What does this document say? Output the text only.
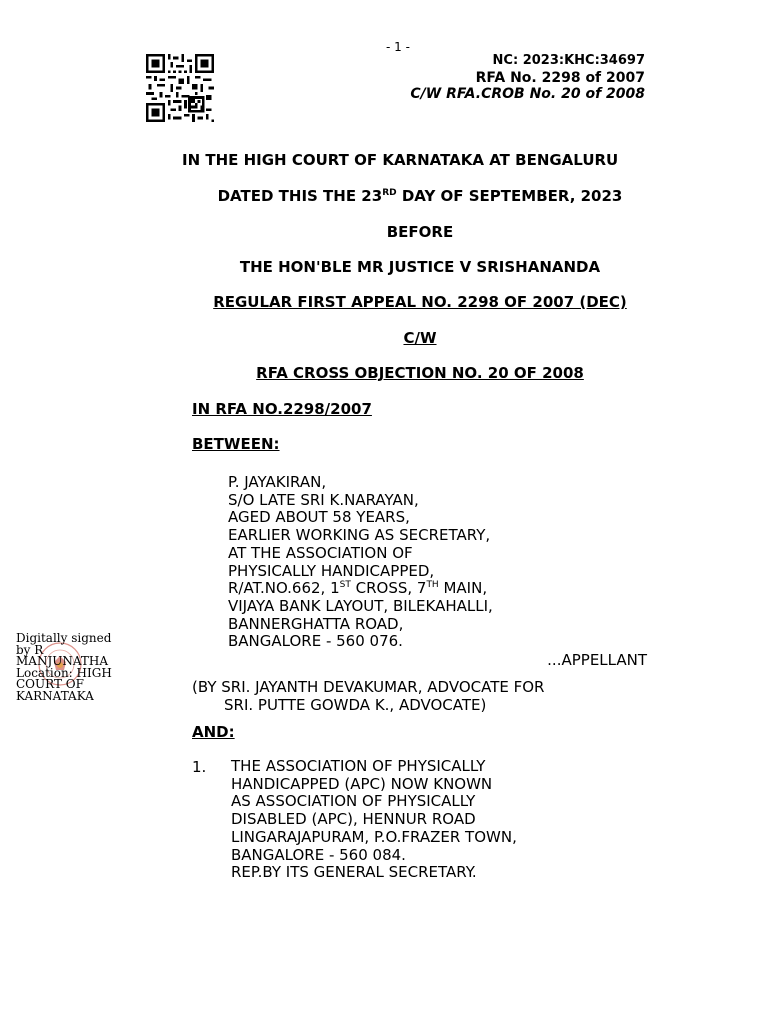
- 1 -
NC: 2023:KHC:34697
RFA No. 2298 of 2007
C/W RFA.CROB No. 20 of 2008
IN THE HIGH COURT OF KARNATAKA AT BENGALURU
DATED THIS THE 23RD DAY OF SEPTEMBER, 2023
BEFORE
THE HON'BLE MR JUSTICE V SRISHANANDA
REGULAR FIRST APPEAL NO. 2298 OF 2007 (DEC)
C/W
RFA CROSS OBJECTION NO. 20 OF 2008
IN RFA NO.2298/2007
BETWEEN:
P. JAYAKIRAN,
S/O LATE SRI K.NARAYAN,
AGED ABOUT 58 YEARS,
EARLIER WORKING AS SECRETARY,
AT THE ASSOCIATION OF
PHYSICALLY HANDICAPPED,
R/AT.NO.662, 1ST CROSS, 7TH MAIN,
VIJAYA BANK LAYOUT, BILEKAHALLI,
BANNERGHATTA ROAD,
BANGALORE - 560 076.
...APPELLANT
(BY SRI. JAYANTH DEVAKUMAR, ADVOCATE FOR
SRI. PUTTE GOWDA K., ADVOCATE)
AND:
1. THE ASSOCIATION OF PHYSICALLY
HANDICAPPED (APC) NOW KNOWN
AS ASSOCIATION OF PHYSICALLY
DISABLED (APC), HENNUR ROAD
LINGARAJAPURAM, P.O.FRAZER TOWN,
BANGALORE - 560 084.
REP.BY ITS GENERAL SECRETARY.
Digitally signed
by R
MANJUNATHA
Location: HIGH
COURT OF
KARNATAKA
